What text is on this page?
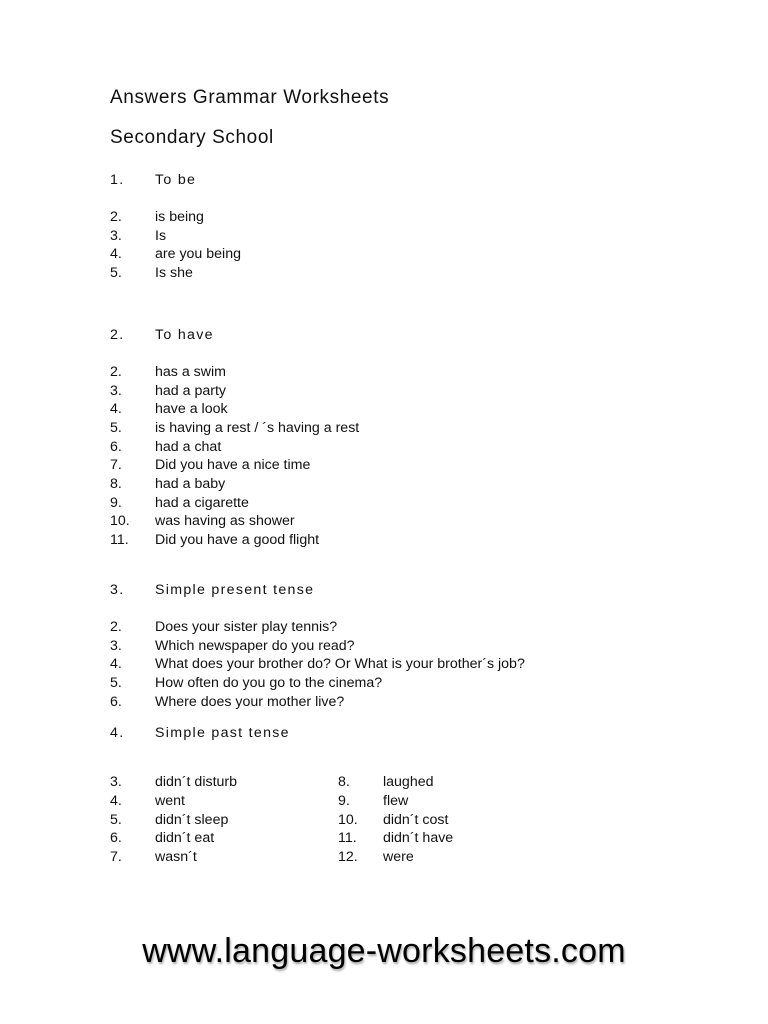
Answers Grammar Worksheets
Secondary School
1. To be
2. is being
3. Is
4. are you being
5. Is she
2. To have
2. has a swim
3. had a party
4. have a look
5. is having a rest / ´s having a rest
6. had a chat
7. Did you have a nice time
8. had a baby
9. had a cigarette
10. was having as shower
11. Did you have a good flight
3. Simple present tense
2. Does your sister play tennis?
3. Which newspaper do you read?
4. What does your brother do? Or What is your brother´s job?
5. How often do you go to the cinema?
6. Where does your mother live?
4. Simple past tense
3. didn´t disturb
4. went
5. didn´t sleep
6. didn´t eat
7. wasn´t
8. laughed
9. flew
10. didn´t cost
11. didn´t have
12. were
www.language-worksheets.com
